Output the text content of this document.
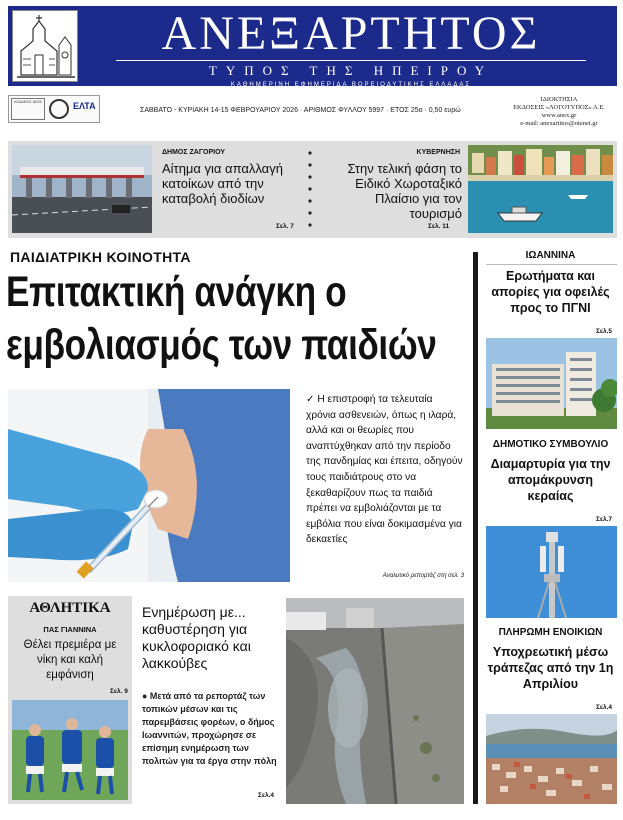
ΑΝΕΞΑΡΤΗΤΟΣ
ΤΥΠΟΣ ΤΗΣ ΗΠΕΙΡΟΥ
ΚΑΘΗΜΕΡΙΝΗ ΕΦΗΜΕΡΙΔΑ ΒΟΡΕΙΟΔΥΤΙΚΗΣ ΕΛΛΑΔΑΣ
ΚΩΔΙΚΟΣ 6025	ΕΛΤΑ	ΣΑΒΒΑΤΟ - ΚΥΡΙΑΚΗ 14-15 ΦΕΒΡΟΥΑΡΙΟΥ 2026 · ΑΡΙΘΜΟΣ ΦΥΛΛΟΥ 5997 · ΕΤΟΣ 25ο · 0,50 ευρώ
ΙΔΙΟΚΤΗΣΙΑ
ΕΚΔΟΣΕΙΣ «ΛΟΓΟΤΥΠΟΣ» Α.Ε.
www.anex.gr
e-mail: anexartitos@otenet.gr
ΔΗΜΟΣ ΖΑΓΟΡΙΟΥ
Αίτημα για απαλλαγή κατοίκων από την καταβολή διοδίων
Σελ. 7
ΚΥΒΕΡΝΗΣΗ
Στην τελική φάση το Ειδικό Χωροταξικό Πλαίσιο για τον τουρισμό
Σελ. 11
ΠΑΙΔΙΑΤΡΙΚΗ ΚΟΙΝΟΤΗΤΑ
Επιτακτική ανάγκη ο εμβολιασμός των παιδιών
✓ Η επιστροφή τα τελευταία χρόνια ασθενειών, όπως η ιλαρά, αλλά και οι θεωρίες που αναπτύχθηκαν από την περίοδο της πανδημίας και έπειτα, οδηγούν τους παιδιάτρους στο να ξεκαθαρίζουν πως τα παιδιά πρέπει να εμβολιάζονται με τα εμβόλια που είναι δοκιμασμένα για δεκαετίες
Αναλυτικό ρεπορτάζ στη σελ. 3
ΑΘΛΗΤΙΚΑ
ΠΑΣ ΓΙΑΝΝΙΝΑ
Θέλει πρεμιέρα με νίκη και καλή εμφάνιση
Σελ. 9
Ενημέρωση με... καθυστέρηση για κυκλοφοριακό και λακκούβες
● Μετά από τα ρεπορτάζ των τοπικών μέσων και τις παρεμβάσεις φορέων, ο δήμος Ιωαννιτών, προχώρησε σε επίσημη ενημέρωση των πολιτών για τα έργα στην πόλη
Σελ.4
ΙΩΑΝΝΙΝΑ
Ερωτήματα και απορίες για οφειλές προς το ΠΓΝΙ
Σελ.5
ΔΗΜΟΤΙΚΟ ΣΥΜΒΟΥΛΙΟ
Διαμαρτυρία για την απομάκρυνση κεραίας
Σελ.7
ΠΛΗΡΩΜΗ ΕΝΟΙΚΙΩΝ
Υποχρεωτική μέσω τράπεζας από την 1η Απριλίου
Σελ.4
